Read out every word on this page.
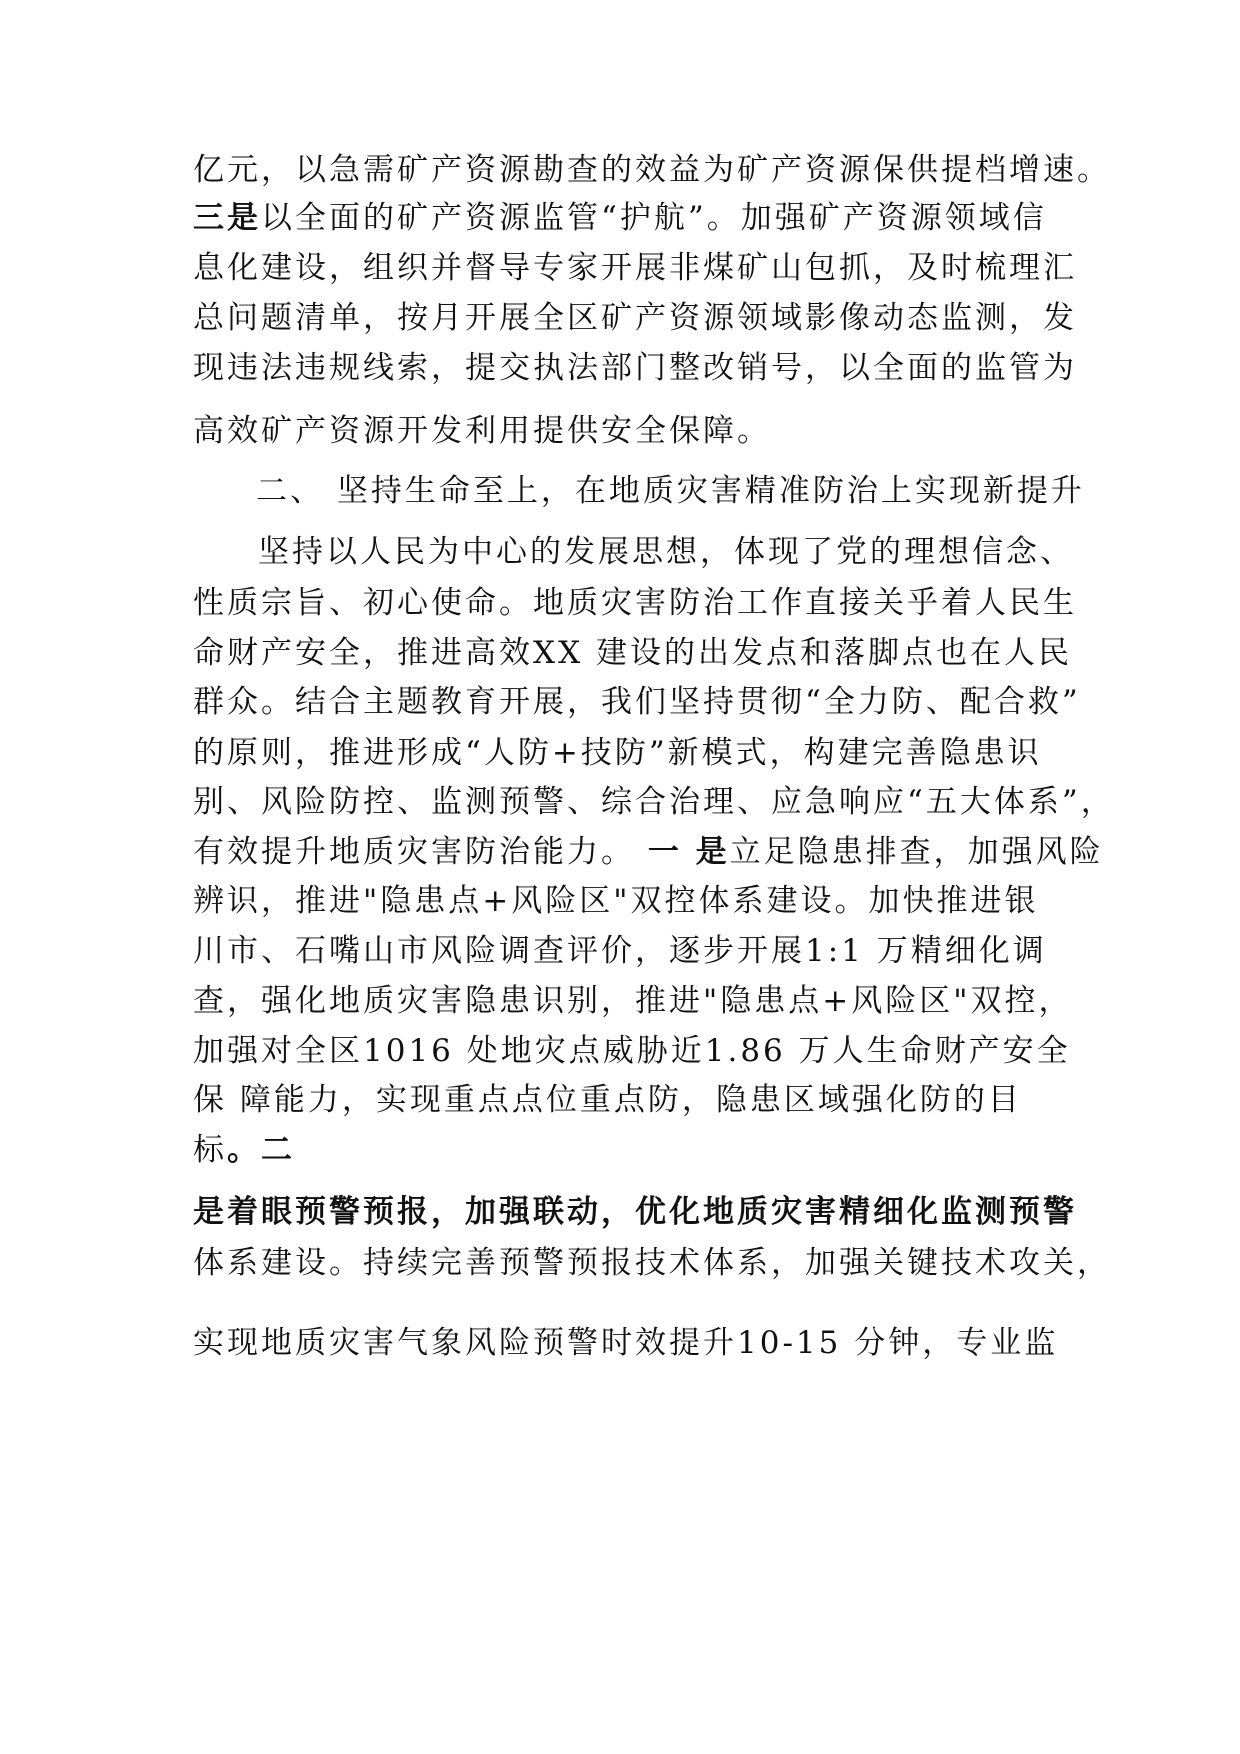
亿元，以急需矿产资源勘查的效益为矿产资源保供提档增速。
三是以全面的矿产资源监管“护航”。加强矿产资源领域信
息化建设，组织并督导专家开展非煤矿山包抓，及时梳理汇
总问题清单，按月开展全区矿产资源领域影像动态监测，发
现违法违规线索，提交执法部门整改销号，以全面的监管为
高效矿产资源开发利用提供安全保障。
二、 坚持生命至上，在地质灾害精准防治上实现新提升
坚持以人民为中心的发展思想，体现了党的理想信念、
性质宗旨、初心使命。地质灾害防治工作直接关乎着人民生
命财产安全，推进高效XX 建设的出发点和落脚点也在人民
群众。结合主题教育开展，我们坚持贯彻“全力防、配合救”
的原则，推进形成“人防+技防”新模式，构建完善隐患识
别、风险防控、监测预警、综合治理、应急响应“五大体系”，
有效提升地质灾害防治能力。 一 是立足隐患排查，加强风险
辨识，推进"隐患点+风险区"双控体系建设。加快推进银
川市、石嘴山市风险调查评价，逐步开展1:1 万精细化调
查，强化地质灾害隐患识别，推进"隐患点+风险区"双控，
加强对全区1016 处地灾点威胁近1.86 万人生命财产安全
保 障能力，实现重点点位重点防，隐患区域强化防的目
标。二
是着眼预警预报，加强联动，优化地质灾害精细化监测预警
体系建设。持续完善预警预报技术体系，加强关键技术攻关，
实现地质灾害气象风险预警时效提升10-15 分钟，专业监
